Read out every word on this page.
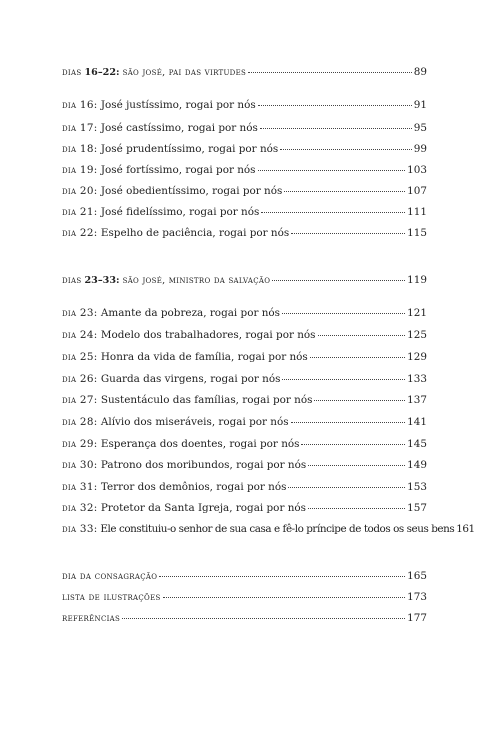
dias 16–22: são josé, pai das virtudes	89
dia 16: José justíssimo, rogai por nós	91
dia 17: José castíssimo, rogai por nós	95
dia 18: José prudentíssimo, rogai por nós	99
dia 19: José fortíssimo, rogai por nós	103
dia 20: José obedientíssimo, rogai por nós	107
dia 21: José fidelíssimo, rogai por nós	111
dia 22: Espelho de paciência, rogai por nós	115
dias 23–33: são josé, ministro da salvação	119
dia 23: Amante da pobreza, rogai por nós	121
dia 24: Modelo dos trabalhadores, rogai por nós	125
dia 25: Honra da vida de família, rogai por nós	129
dia 26: Guarda das virgens, rogai por nós	133
dia 27: Sustentáculo das famílias, rogai por nós	137
dia 28: Alívio dos miseráveis, rogai por nós	141
dia 29: Esperança dos doentes, rogai por nós	145
dia 30: Patrono dos moribundos, rogai por nós	149
dia 31: Terror dos demônios, rogai por nós	153
dia 32: Protetor da Santa Igreja, rogai por nós	157
dia 33: Ele constituiu-o senhor de sua casa e fê-lo príncipe de todos os seus bens 161
dia da consagração	165
lista de ilustrações	173
referências	177
